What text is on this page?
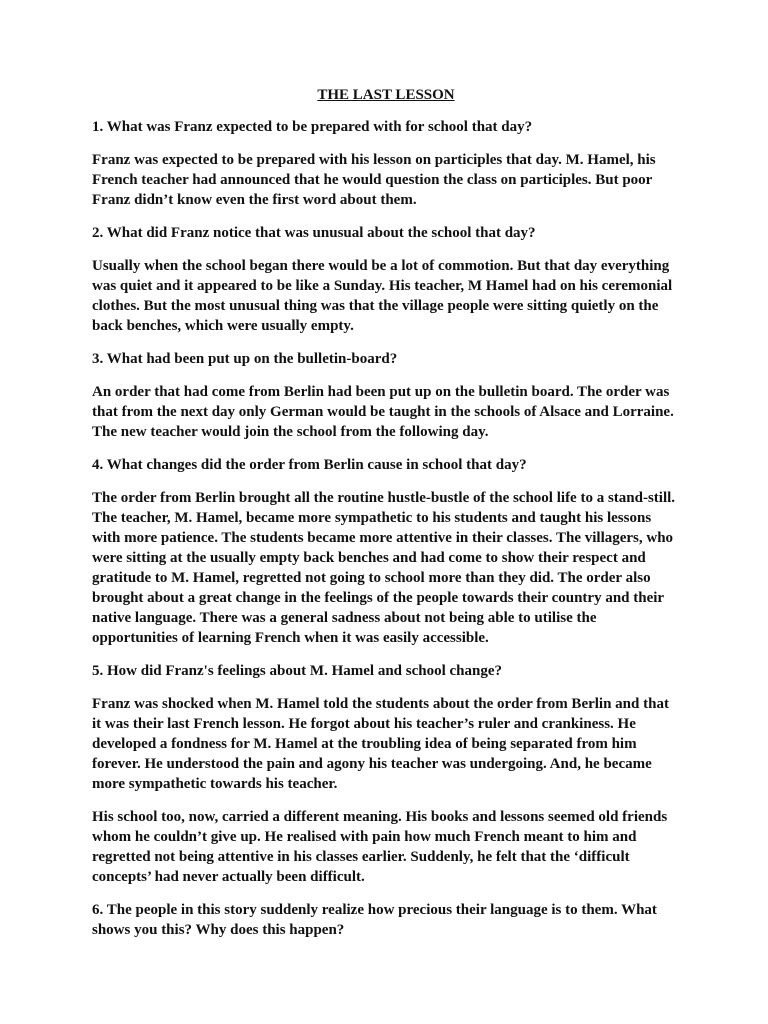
THE LAST LESSON

1. What was Franz expected to be prepared with for school that day?

Franz was expected to be prepared with his lesson on participles that day. M. Hamel, his French teacher had announced that he would question the class on participles. But poor Franz didn’t know even the first word about them.

2. What did Franz notice that was unusual about the school that day?

Usually when the school began there would be a lot of commotion. But that day everything was quiet and it appeared to be like a Sunday. His teacher, M Hamel had on his ceremonial clothes. But the most unusual thing was that the village people were sitting quietly on the back benches, which were usually empty.

3. What had been put up on the bulletin-board?

An order that had come from Berlin had been put up on the bulletin board. The order was that from the next day only German would be taught in the schools of Alsace and Lorraine. The new teacher would join the school from the following day.

4. What changes did the order from Berlin cause in school that day?

The order from Berlin brought all the routine hustle-bustle of the school life to a stand-still. The teacher, M. Hamel, became more sympathetic to his students and taught his lessons with more patience. The students became more attentive in their classes. The villagers, who were sitting at the usually empty back benches and had come to show their respect and gratitude to M. Hamel, regretted not going to school more than they did. The order also brought about a great change in the feelings of the people towards their country and their native language. There was a general sadness about not being able to utilise the opportunities of learning French when it was easily accessible.

5. How did Franz's feelings about M. Hamel and school change?

Franz was shocked when M. Hamel told the students about the order from Berlin and that it was their last French lesson. He forgot about his teacher’s ruler and crankiness. He developed a fondness for M. Hamel at the troubling idea of being separated from him forever. He understood the pain and agony his teacher was undergoing. And, he became more sympathetic towards his teacher.

His school too, now, carried a different meaning. His books and lessons seemed old friends whom he couldn’t give up. He realised with pain how much French meant to him and regretted not being attentive in his classes earlier. Suddenly, he felt that the ‘difficult concepts’ had never actually been difficult.

6. The people in this story suddenly realize how precious their language is to them. What shows you this? Why does this happen?
